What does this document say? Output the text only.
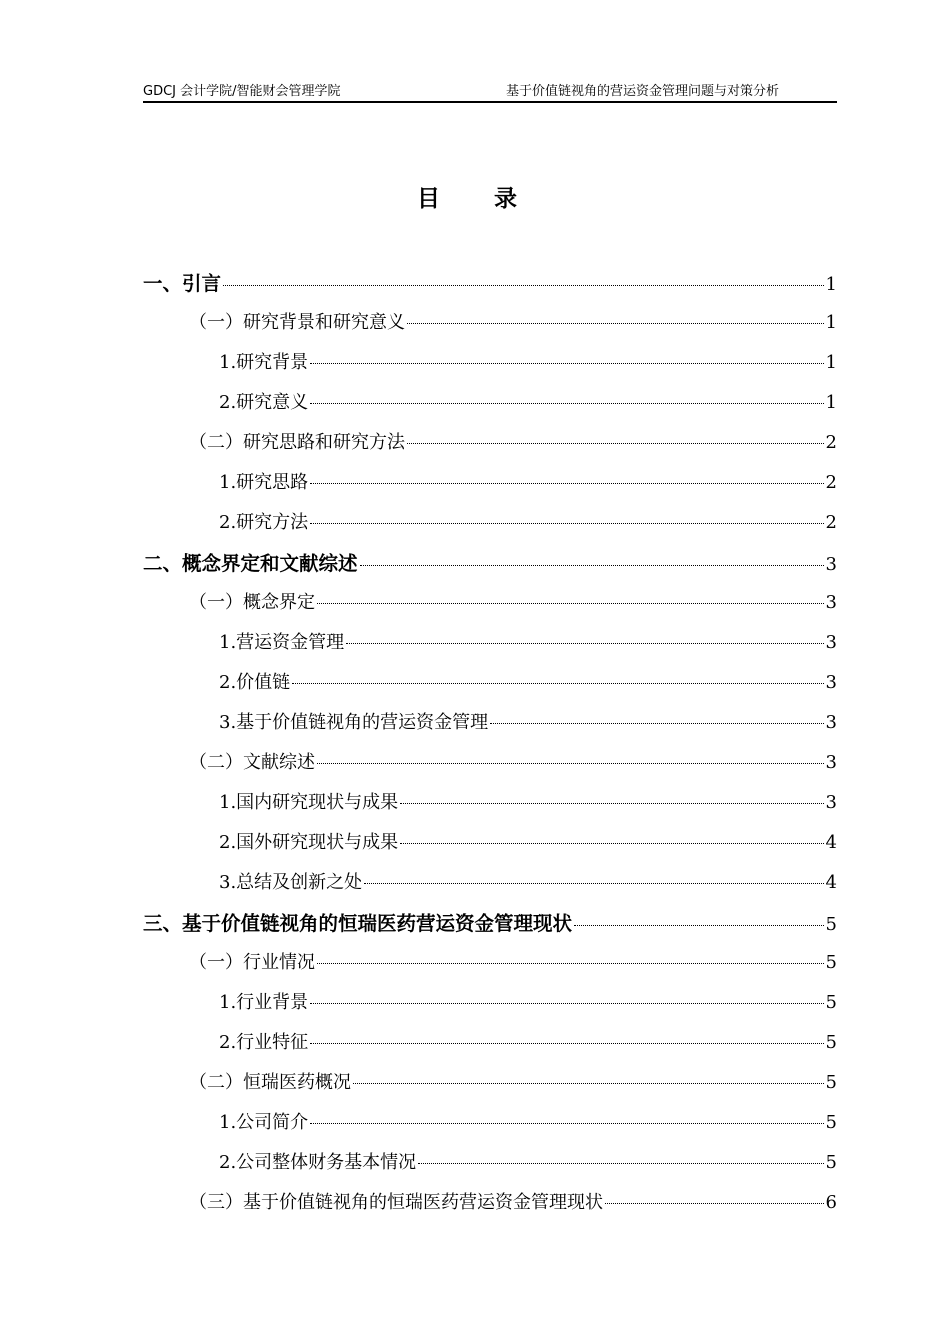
GDCJ 会计学院/智能财会管理学院	基于价值链视角的营运资金管理问题与对策分析
目录
一、引言	1
（一）研究背景和研究意义	1
1.研究背景	1
2.研究意义	1
（二）研究思路和研究方法	2
1.研究思路	2
2.研究方法	2
二、概念界定和文献综述	3
（一）概念界定	3
1.营运资金管理	3
2.价值链	3
3.基于价值链视角的营运资金管理	3
（二）文献综述	3
1.国内研究现状与成果	3
2.国外研究现状与成果	4
3.总结及创新之处	4
三、基于价值链视角的恒瑞医药营运资金管理现状	5
（一）行业情况	5
1.行业背景	5
2.行业特征	5
（二）恒瑞医药概况	5
1.公司简介	5
2.公司整体财务基本情况	5
（三）基于价值链视角的恒瑞医药营运资金管理现状	6
